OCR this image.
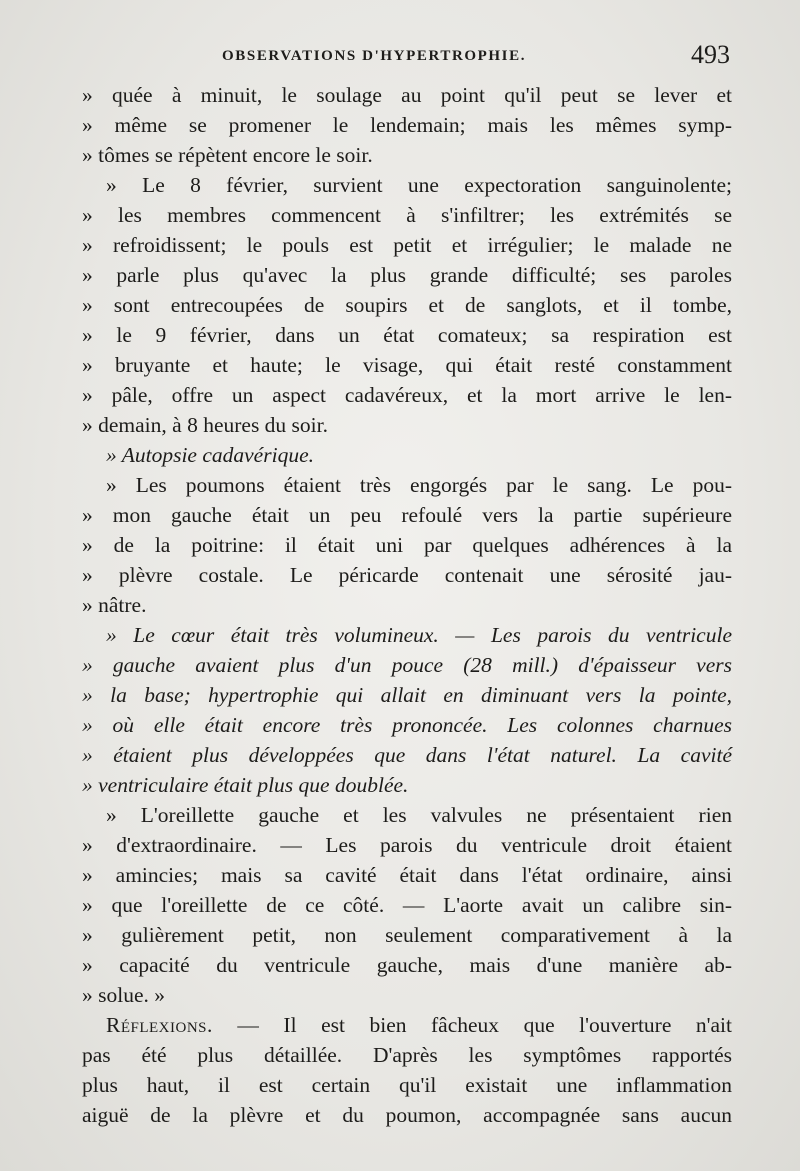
OBSERVATIONS D'HYPERTROPHIE.	493
» quée à minuit, le soulage au point qu'il peut se lever et
» même se promener le lendemain; mais les mêmes symp-
» tômes se répètent encore le soir.
» Le 8 février, survient une expectoration sanguinolente;
» les membres commencent à s'infiltrer; les extrémités se
» refroidissent; le pouls est petit et irrégulier; le malade ne
» parle plus qu'avec la plus grande difficulté; ses paroles
» sont entrecoupées de soupirs et de sanglots, et il tombe,
» le 9 février, dans un état comateux; sa respiration est
» bruyante et haute; le visage, qui était resté constamment
» pâle, offre un aspect cadavéreux, et la mort arrive le len-
» demain, à 8 heures du soir.
» Autopsie cadavérique.
» Les poumons étaient très engorgés par le sang. Le pou-
» mon gauche était un peu refoulé vers la partie supérieure
» de la poitrine: il était uni par quelques adhérences à la
» plèvre costale. Le péricarde contenait une sérosité jau-
» nâtre.
» Le cœur était très volumineux. — Les parois du ventricule
» gauche avaient plus d'un pouce (28 mill.) d'épaisseur vers
» la base; hypertrophie qui allait en diminuant vers la pointe,
» où elle était encore très prononcée. Les colonnes charnues
» étaient plus développées que dans l'état naturel. La cavité
» ventriculaire était plus que doublée.
» L'oreillette gauche et les valvules ne présentaient rien
» d'extraordinaire. — Les parois du ventricule droit étaient
» amincies; mais sa cavité était dans l'état ordinaire, ainsi
» que l'oreillette de ce côté. — L'aorte avait un calibre sin-
» gulièrement petit, non seulement comparativement à la
» capacité du ventricule gauche, mais d'une manière ab-
» solue. »
Réflexions. — Il est bien fâcheux que l'ouverture n'ait
pas été plus détaillée. D'après les symptômes rapportés
plus haut, il est certain qu'il existait une inflammation
aiguë de la plèvre et du poumon, accompagnée sans aucun
